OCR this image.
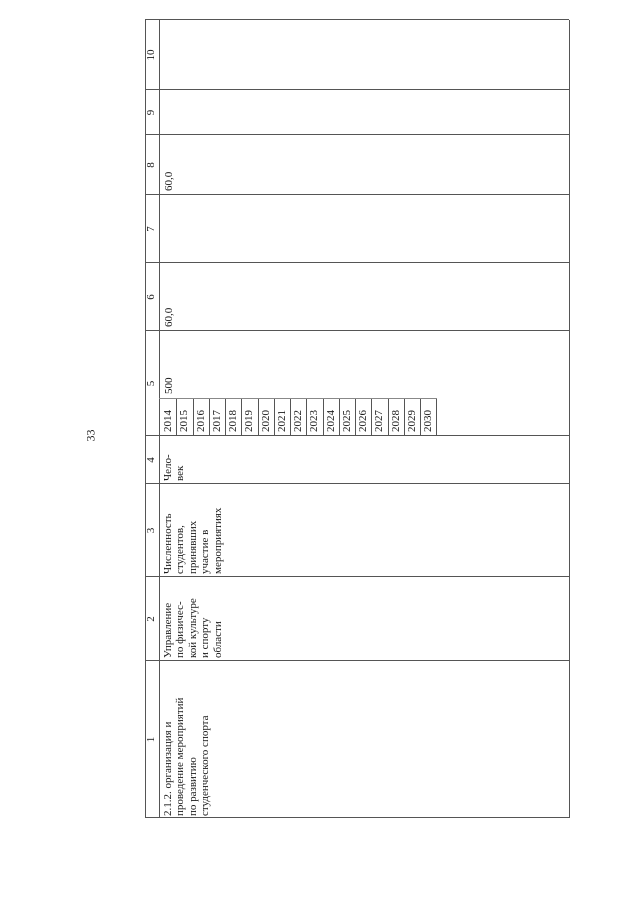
33
1
2
3
4
5
6
7
8
9
10
2.1.2. организация и
проведение мероприятий
по развитию
студенческого спорта
Управление
по физичес-
кой культуре
и спорту
области
Численность
студентов,
принявших
участие в
мероприятиях
Чело-
век
2014 2015 2016 2017 2018 2019 2020 2021 2022 2023 2024 2025 2026 2027 2028 2029 2030
500
60,0
60,0
